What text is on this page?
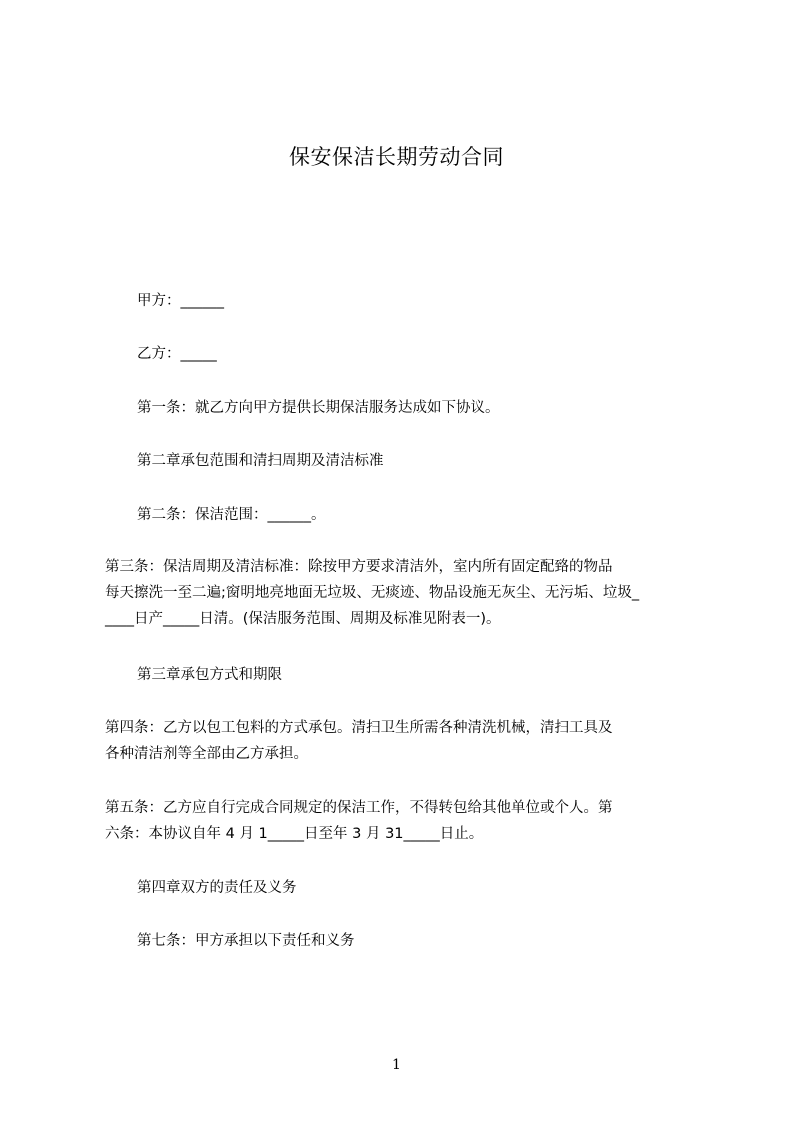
保安保洁长期劳动合同
甲方：______
乙方：_____
第一条：就乙方向甲方提供长期保洁服务达成如下协议。
第二章承包范围和清扫周期及清洁标准
第二条：保洁范围：______。
第三条：保洁周期及清洁标准：除按甲方要求清洁外，室内所有固定配臵的物品
每天擦洗一至二遍;窗明地亮地面无垃圾、无痰迹、物品设施无灰尘、无污垢、垃圾_
____日产_____日清。(保洁服务范围、周期及标准见附表一)。
第三章承包方式和期限
第四条：乙方以包工包料的方式承包。清扫卫生所需各种清洗机械，清扫工具及
各种清洁剂等全部由乙方承担。
第五条：乙方应自行完成合同规定的保洁工作，不得转包给其他单位或个人。第
六条：本协议自年 4 月 1_____日至年 3 月 31_____日止。
第四章双方的责任及义务
第七条：甲方承担以下责任和义务
1
